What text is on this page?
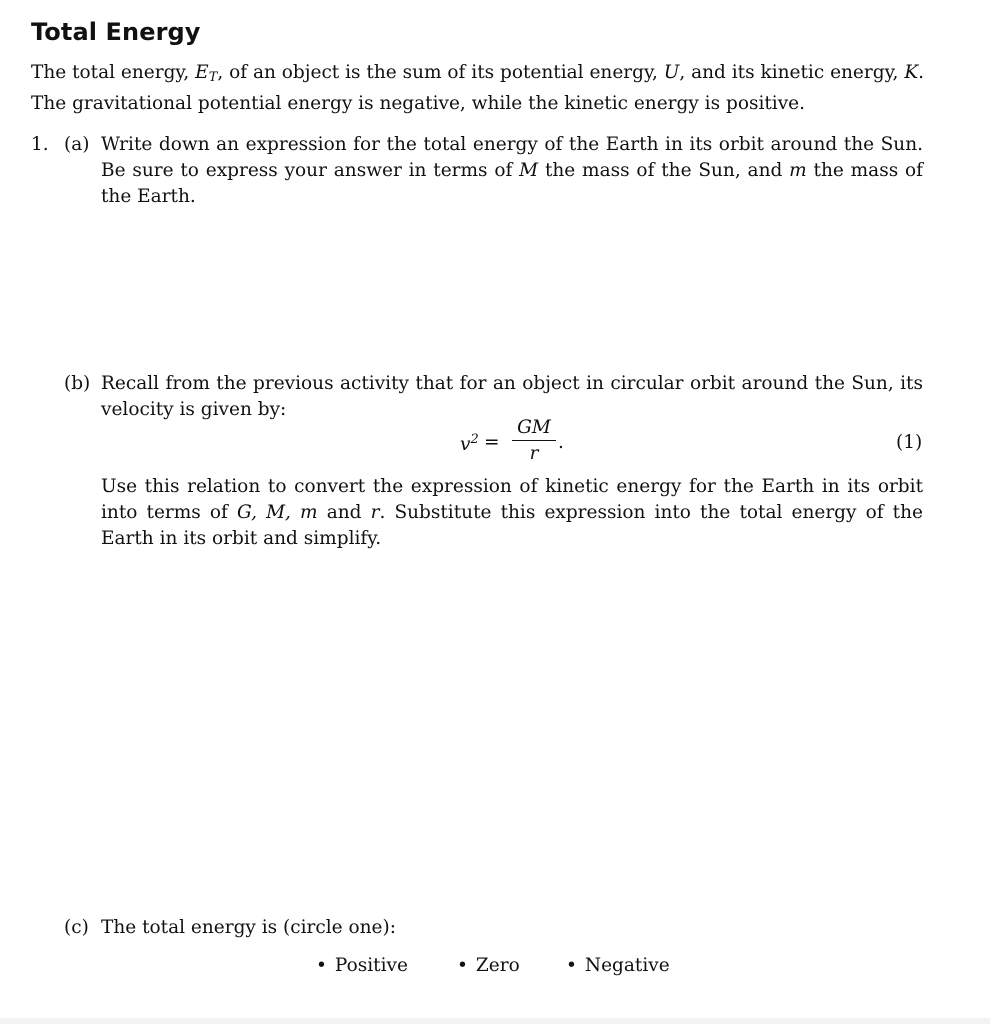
Total Energy

The total energy, $E_T$, of an object is the sum of its potential energy, U, and its kinetic energy, K.
The gravitational potential energy is negative, while the kinetic energy is positive.

1. (a) Write down an expression for the total energy of the Earth in its orbit around the Sun. Be sure to express your answer in terms of M the mass of the Sun, and m the mass of the Earth.

(b) Recall from the previous activity that for an object in circular orbit around the Sun, its velocity is given by:

$v^2$ =
GM
r
.	(1)

Use this relation to convert the expression of kinetic energy for the Earth in its orbit into terms of G, M, m and r. Substitute this expression into the total energy of the Earth in its orbit and simplify.

(c) The total energy is (circle one):

• Positive	• Zero	• Negative
